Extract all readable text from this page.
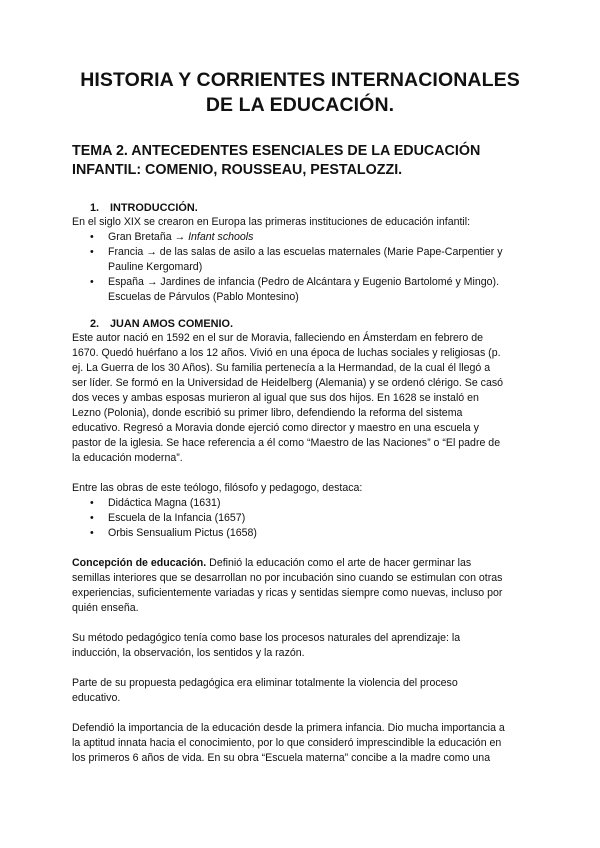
HISTORIA Y CORRIENTES INTERNACIONALES
DE LA EDUCACIÓN.
TEMA 2. ANTECEDENTES ESENCIALES DE LA EDUCACIÓN
INFANTIL: COMENIO, ROUSSEAU, PESTALOZZI.
1. INTRODUCCIÓN.

En el siglo XIX se crearon en Europa las primeras instituciones de educación infantil:

• Gran Bretaña → Infant schools
• Francia → de las salas de asilo a las escuelas maternales (Marie Pape-Carpentier y
Pauline Kergomard)
• España → Jardines de infancia (Pedro de Alcántara y Eugenio Bartolomé y Mingo).
Escuelas de Párvulos (Pablo Montesino)
2. JUAN AMOS COMENIO.

Este autor nació en 1592 en el sur de Moravia, falleciendo en Ámsterdam en febrero de
1670. Quedó huérfano a los 12 años. Vivió en una época de luchas sociales y religiosas (p.
ej. La Guerra de los 30 Años). Su familia pertenecía a la Hermandad, de la cual él llegó a
ser líder. Se formó en la Universidad de Heidelberg (Alemania) y se ordenó clérigo. Se casó
dos veces y ambas esposas murieron al igual que sus dos hijos. En 1628 se instaló en
Lezno (Polonia), donde escribió su primer libro, defendiendo la reforma del sistema
educativo. Regresó a Moravia donde ejerció como director y maestro en una escuela y
pastor de la iglesia. Se hace referencia a él como “Maestro de las Naciones” o “El padre de
la educación moderna”.

Entre las obras de este teólogo, filósofo y pedagogo, destaca:

• Didáctica Magna (1631)
• Escuela de la Infancia (1657)
• Orbis Sensualium Pictus (1658)

Concepción de educación. Definió la educación como el arte de hacer germinar las
semillas interiores que se desarrollan no por incubación sino cuando se estimulan con otras
experiencias, suficientemente variadas y ricas y sentidas siempre como nuevas, incluso por
quién enseña.

Su método pedagógico tenía como base los procesos naturales del aprendizaje: la
inducción, la observación, los sentidos y la razón.

Parte de su propuesta pedagógica era eliminar totalmente la violencia del proceso
educativo.

Defendió la importancia de la educación desde la primera infancia. Dio mucha importancia a
la aptitud innata hacia el conocimiento, por lo que consideró imprescindible la educación en
los primeros 6 años de vida. En su obra “Escuela materna” concibe a la madre como una
